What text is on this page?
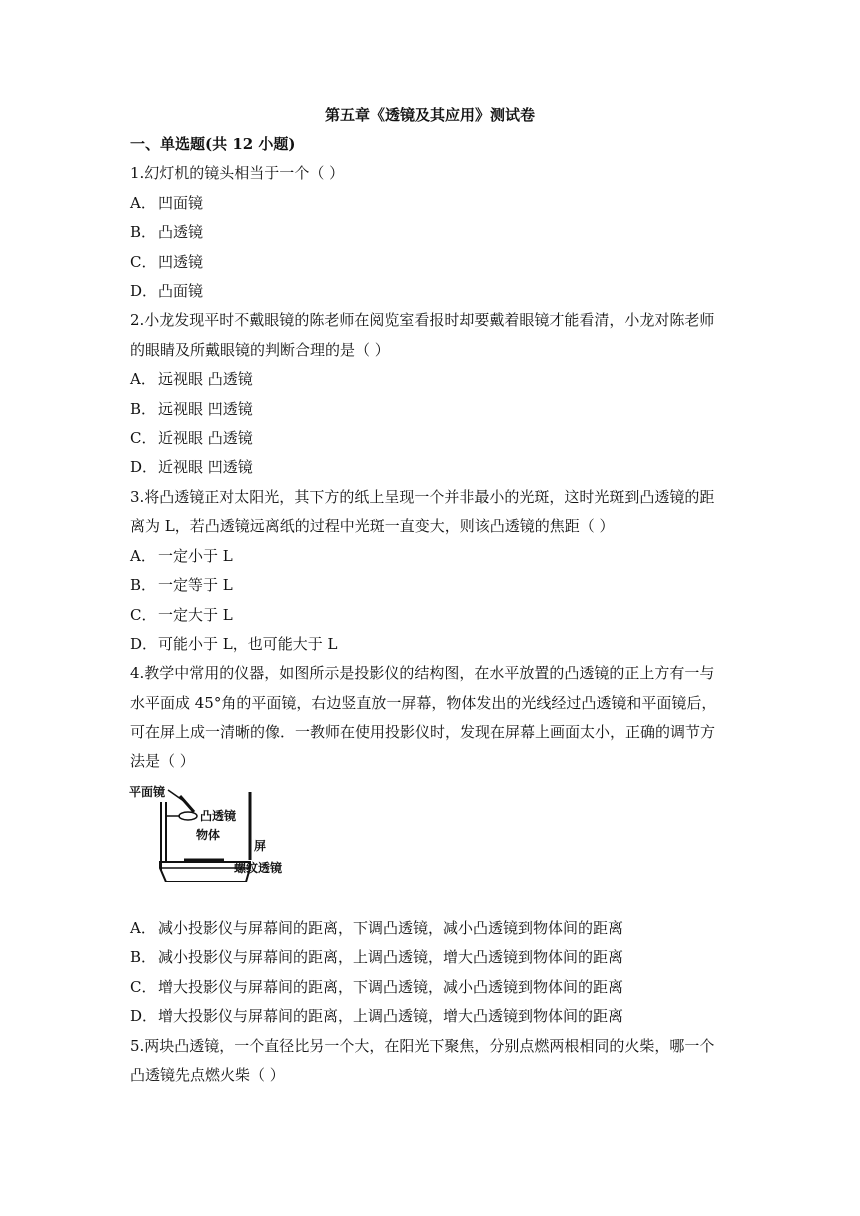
第五章《透镜及其应用》测试卷
一、单选题(共 12 小题)
1.幻灯机的镜头相当于一个（ ）
A． 凹面镜
B． 凸透镜
C． 凹透镜
D．凸面镜
2.小龙发现平时不戴眼镜的陈老师在阅览室看报时却要戴着眼镜才能看清，小龙对陈老师
的眼睛及所戴眼镜的判断合理的是（ ）
A． 远视眼 凸透镜
B． 远视眼 凹透镜
C． 近视眼 凸透镜
D．近视眼 凹透镜
3.将凸透镜正对太阳光，其下方的纸上呈现一个并非最小的光斑，这时光斑到凸透镜的距
离为 L，若凸透镜远离纸的过程中光斑一直变大，则该凸透镜的焦距（ ）
A． 一定小于 L
B． 一定等于 L
C． 一定大于 L
D．可能小于 L，也可能大于 L
4.教学中常用的仪器，如图所示是投影仪的结构图，在水平放置的凸透镜的正上方有一与
水平面成 45°角的平面镜，右边竖直放一屏幕，物体发出的光线经过凸透镜和平面镜后，
可在屏上成一清晰的像．一教师在使用投影仪时，发现在屏幕上画面太小，正确的调节方
法是（ ）
平面镜
凸透镜
屏
物体
螺纹透镜
A． 减小投影仪与屏幕间的距离，下调凸透镜，减小凸透镜到物体间的距离
B． 减小投影仪与屏幕间的距离，上调凸透镜，增大凸透镜到物体间的距离
C． 增大投影仪与屏幕间的距离，下调凸透镜，减小凸透镜到物体间的距离
D．增大投影仪与屏幕间的距离，上调凸透镜，增大凸透镜到物体间的距离
5.两块凸透镜，一个直径比另一个大，在阳光下聚焦，分别点燃两根相同的火柴，哪一个
凸透镜先点燃火柴（ ）
